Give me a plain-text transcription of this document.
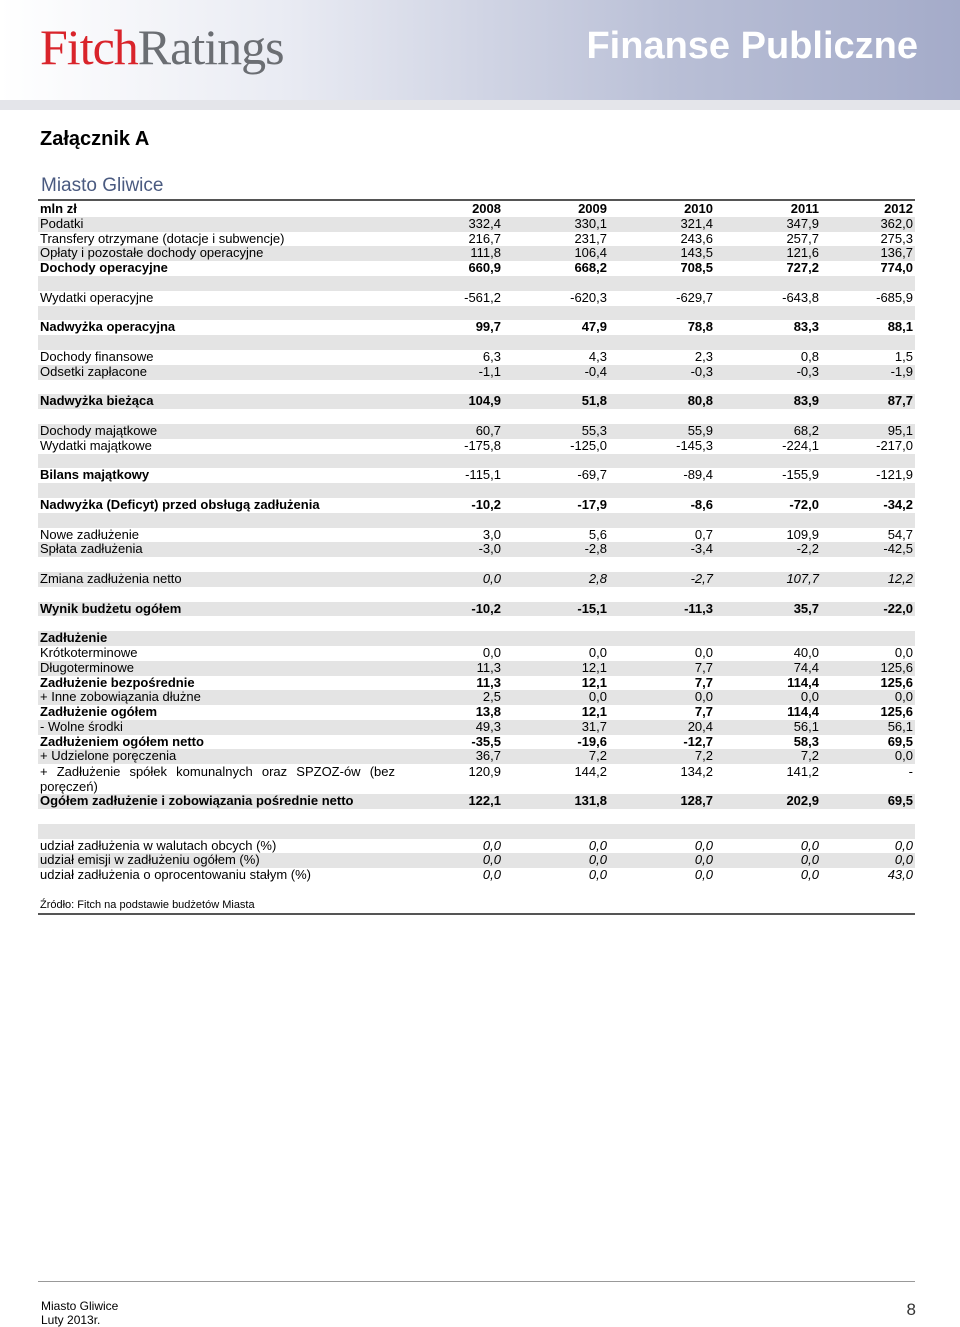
FitchRatings	Finanse Publiczne
Załącznik A
Miasto Gliwice
mln zł	2008	2009	2010	2011	2012
Podatki	332,4	330,1	321,4	347,9	362,0
Transfery otrzymane (dotacje i subwencje)	216,7	231,7	243,6	257,7	275,3
Opłaty i pozostałe dochody operacyjne	111,8	106,4	143,5	121,6	136,7
Dochody operacyjne	660,9	668,2	708,5	727,2	774,0

Wydatki operacyjne	-561,2	-620,3	-629,7	-643,8	-685,9

Nadwyżka operacyjna	99,7	47,9	78,8	83,3	88,1

Dochody finansowe	6,3	4,3	2,3	0,8	1,5
Odsetki zapłacone	-1,1	-0,4	-0,3	-0,3	-1,9

Nadwyżka bieżąca	104,9	51,8	80,8	83,9	87,7

Dochody majątkowe	60,7	55,3	55,9	68,2	95,1
Wydatki majątkowe	-175,8	-125,0	-145,3	-224,1	-217,0

Bilans majątkowy	-115,1	-69,7	-89,4	-155,9	-121,9

Nadwyżka (Deficyt) przed obsługą zadłużenia	-10,2	-17,9	-8,6	-72,0	-34,2

Nowe zadłużenie	3,0	5,6	0,7	109,9	54,7
Spłata zadłużenia	-3,0	-2,8	-3,4	-2,2	-42,5

Zmiana zadłużenia netto	0,0	2,8	-2,7	107,7	12,2

Wynik budżetu ogółem	-10,2	-15,1	-11,3	35,7	-22,0

Zadłużenie					
Krótkoterminowe	0,0	0,0	0,0	40,0	0,0
Długoterminowe	11,3	12,1	7,7	74,4	125,6
Zadłużenie bezpośrednie	11,3	12,1	7,7	114,4	125,6
+ Inne zobowiązania dłużne	2,5	0,0	0,0	0,0	0,0
Zadłużenie ogółem	13,8	12,1	7,7	114,4	125,6
- Wolne środki	49,3	31,7	20,4	56,1	56,1
Zadłużeniem ogółem netto	-35,5	-19,6	-12,7	58,3	69,5
+ Udzielone poręczenia	36,7	7,2	7,2	7,2	0,0
+ Zadłużenie spółek komunalnych oraz SPZOZ-ów (bez poręczeń)	120,9	144,2	134,2	141,2	-
Ogółem zadłużenie i zobowiązania pośrednie netto	122,1	131,8	128,7	202,9	69,5

udział zadłużenia w walutach obcych (%)	0,0	0,0	0,0	0,0	0,0
udział emisji w zadłużeniu ogółem (%)	0,0	0,0	0,0	0,0	0,0
udział zadłużenia o oprocentowaniu stałym (%)	0,0	0,0	0,0	0,0	43,0

Źródło: Fitch na podstawie budżetów Miasta					
Miasto Gliwice
Luty 2013r.
8
